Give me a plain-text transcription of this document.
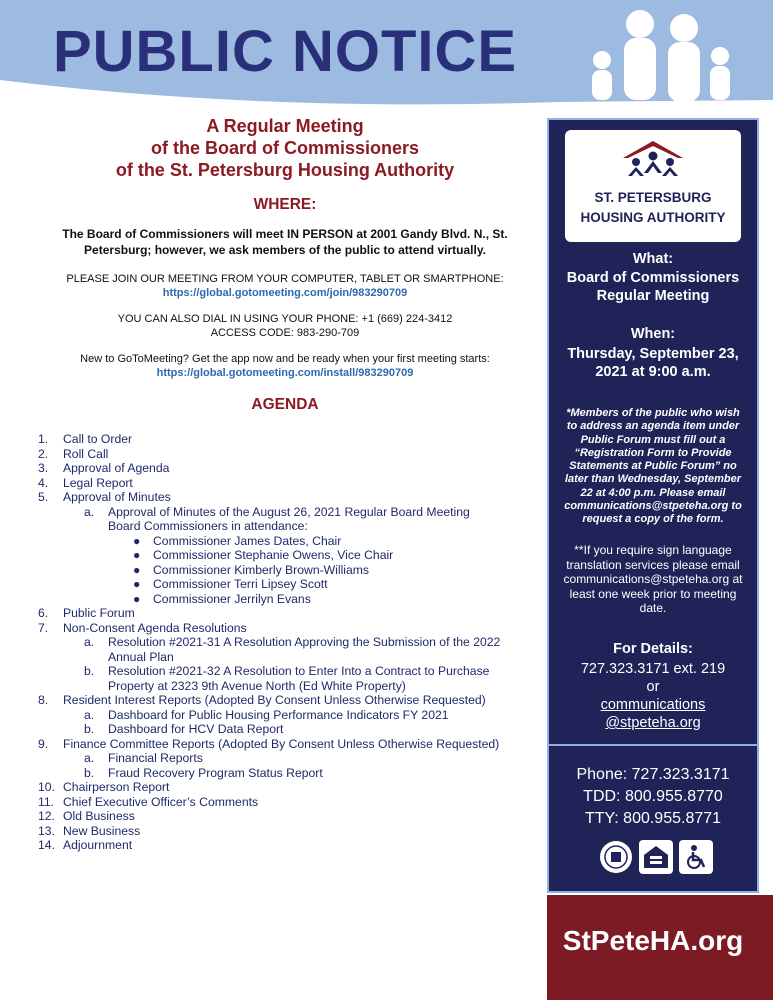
PUBLIC NOTICE
A Regular Meeting
of the Board of Commissioners
of the St. Petersburg Housing Authority
WHERE:
The Board of Commissioners will meet IN PERSON at 2001 Gandy Blvd. N., St. Petersburg; however, we ask members of the public to attend virtually.
PLEASE JOIN OUR MEETING FROM YOUR COMPUTER, TABLET OR SMARTPHONE:
https://global.gotomeeting.com/join/983290709
YOU CAN ALSO DIAL IN USING YOUR PHONE: +1 (669) 224-3412
ACCESS CODE: 983-290-709
New to GoToMeeting? Get the app now and be ready when your first meeting starts:
https://global.gotomeeting.com/install/983290709
AGENDA
1. Call to Order
2. Roll Call
3. Approval of Agenda
4. Legal Report
5. Approval of Minutes
a. Approval of Minutes of the August 26, 2021 Regular Board Meeting
Board Commissioners in attendance:
● Commissioner James Dates, Chair
● Commissioner Stephanie Owens, Vice Chair
● Commissioner Kimberly Brown-Williams
● Commissioner Terri Lipsey Scott
● Commissioner Jerrilyn Evans
6. Public Forum
7. Non-Consent Agenda Resolutions
a. Resolution #2021-31 A Resolution Approving the Submission of the 2022
Annual Plan
b. Resolution #2021-32 A Resolution to Enter Into a Contract to Purchase
Property at 2323 9th Avenue North (Ed White Property)
8. Resident Interest Reports (Adopted By Consent Unless Otherwise Requested)
a. Dashboard for Public Housing Performance Indicators FY 2021
b. Dashboard for HCV Data Report
9. Finance Committee Reports (Adopted By Consent Unless Otherwise Requested)
a. Financial Reports
b. Fraud Recovery Program Status Report
10. Chairperson Report
11. Chief Executive Officer’s Comments
12. Old Business
13. New Business
14. Adjournment
ST. PETERSBURG
HOUSING AUTHORITY
What:
Board of Commissioners
Regular Meeting
When:
Thursday, September 23,
2021 at 9:00 a.m.
*Members of the public who wish to address an agenda item under Public Forum must fill out a “Registration Form to Provide Statements at Public Forum” no later than Wednesday, September 22 at 4:00 p.m. Please email communications@stpeteha.org to request a copy of the form.
**If you require sign language translation services please email communications@stpeteha.org at least one week prior to meeting date.
For Details:
727.323.3171 ext. 219
or
communications
@stpeteha.org
Phone: 727.323.3171
TDD: 800.955.8770
TTY: 800.955.8771
StPeteHA.org
